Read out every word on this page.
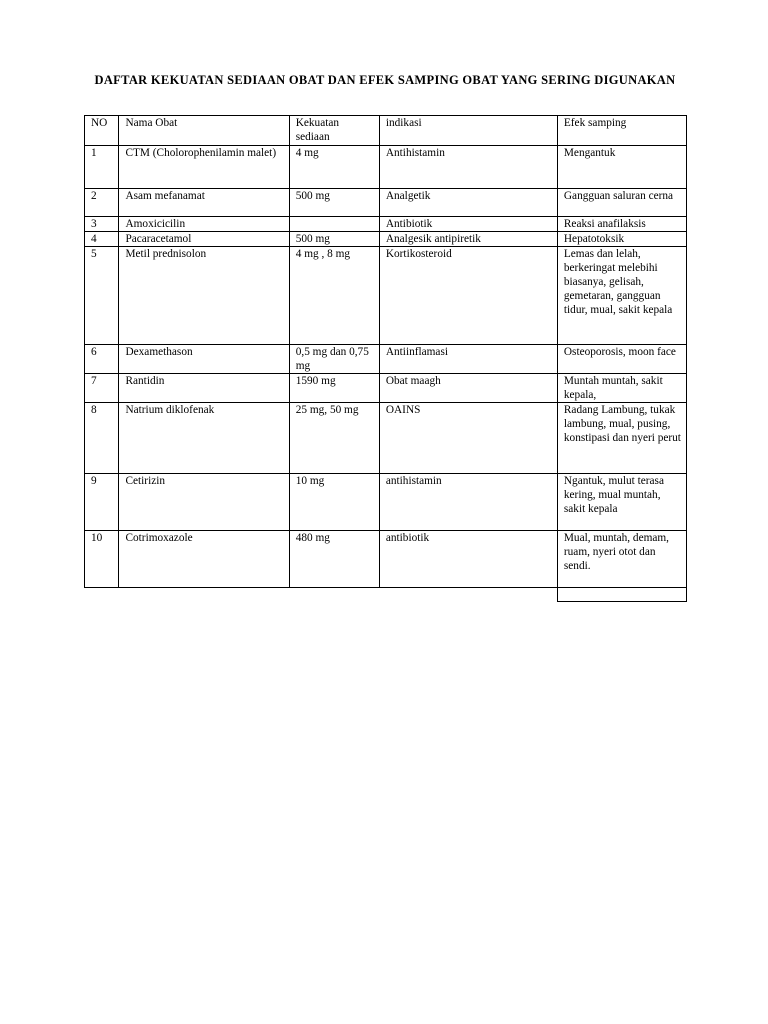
DAFTAR KEKUATAN SEDIAAN OBAT DAN EFEK SAMPING OBAT YANG SERING DIGUNAKAN
NO	Nama Obat	Kekuatan sediaan	indikasi	Efek samping
1	CTM (Cholorophenilamin malet)	4 mg	Antihistamin	Mengantuk
2	Asam mefanamat	500 mg	Analgetik	Gangguan saluran cerna
3	Amoxicicilin		Antibiotik	Reaksi anafilaksis
4	Pacaracetamol	500 mg	Analgesik antipiretik	Hepatotoksik
5	Metil prednisolon	4 mg , 8 mg	Kortikosteroid	Lemas dan lelah, berkeringat melebihi biasanya, gelisah, gemetaran, gangguan tidur, mual, sakit kepala
6	Dexamethason	0,5 mg dan 0,75 mg	Antiinflamasi	Osteoporosis, moon face
7	Rantidin	1590 mg	Obat maagh	Muntah muntah, sakit kepala,
8	Natrium diklofenak	25 mg, 50 mg	OAINS	Radang Lambung, tukak lambung, mual, pusing, konstipasi dan nyeri perut
9	Cetirizin	10 mg	antihistamin	Ngantuk, mulut terasa kering, mual muntah, sakit kepala
10	Cotrimoxazole	480 mg	antibiotik	Mual, muntah, demam, ruam, nyeri otot dan sendi.
